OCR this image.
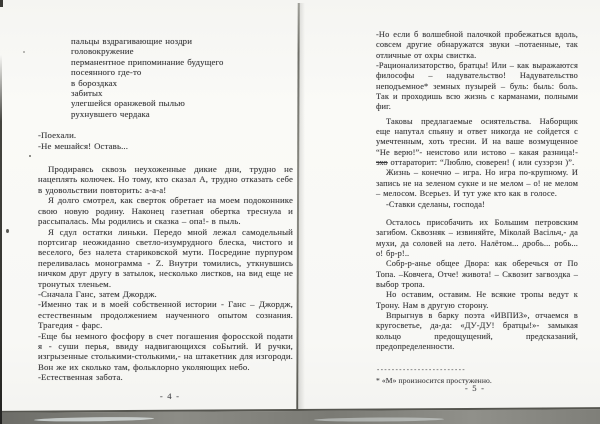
пальцы вздрагивающие ноздри
головокружение
перманентное припоминание будущего
посеянного где-то
в бороздках
забитых
улегшейся оранжевой пылью
рухнувшего чердака
-Поехали.
-Не мешайся! Оставь...

Продираясь сквозь неухоженные дикие дни, трудно не нацеплять колючек. Но тому, кто сказал А, трудно отказать себе в удовольствии повторить: а-а-а!

Я долго смотрел, как сверток обретает на моем подоконнике свою новую родину. Наконец газетная обертка треснула и рассыпалась. Мы родились и сказка – опа!- в пыль.

Я сдул остатки линьки. Передо мной лежал самодельный портсигар неожиданно светло-изумрудного блеска, чистого и веселого, без налета стариковской мути. Посредине пурпуром переливалась монограмма - Z. Внутри томились, уткнувшись ничком друг другу в затылок, несколько листков, на вид еще не тронутых тленьем.

-Сначала Ганс, затем Джордж.

-Именно так и в моей собственной истории - Ганс – Джордж, естественным продолжением наученного опытом сознания. Трагедия - фарс.

-Еще бы немного фосфору в счет погашения форосской подати я - суши перья, ввиду надвигающихся соБытий. И ручки, изгрызенные столькими-столькими,- на штакетник для изгороди. Вон же их сколько там, фольклорно уколяющих небо.

-Естественная забота.

- 4 -

-Но если б волшебной палочкой пробежаться вдоль, совсем другие обнаружатся звуки –потаенные, так отличные от охры свистка.

-Рационализаторство, братцы! Или – как выражаются философы – надувательство! Надувательство неподъемное* земных пузырей – буль: быль: боль. Так и проходишь всю жизнь с карманами, полными фиг.

Таковы предлагаемые осиятельства. Наборщик еще напутал спьяну и ответ никогда не сойдется с умечтенным, хоть тресни. И на ваше возмущенное “Не верю!”- неистово или истово – какая разница!-эхо оттараторит: “Люблю, сюверен! ( или сузэрэн )”.

Жизнь – конечно – игра. Но игра по-крупному. И запись не на зеленом сукне и не мелом – о! не мелом – мелосом. Всерьез. И тут уже кто как в голосе.

-Ставки сделаны, господа!

Осталось присобачить их Большим петровским загибом. Сквозняк – извиняйте, Міколай Васільч,- да мухи, да соловей на лето. Налётом... дробь... робь... о! бр-р!..

Собр-р-анье общее Двора: как оберечься от По Топа. –Ковчега, Отче! живота! – Сквозит загвоздка – выбор тропа.

Но оставим, оставим. Не всякие тропы ведут к Трону. Нам в другую сторону.

Впрыгнув в барку поэта «ИВПИЗ», отчаемся в кругосветье, да-да: «ДУ-ДУ! братцы!»- замыкая кольцо предощущений, предсказаний, предопределенности.

------------------------
* «М» произносится простуженно.
- 5 -
